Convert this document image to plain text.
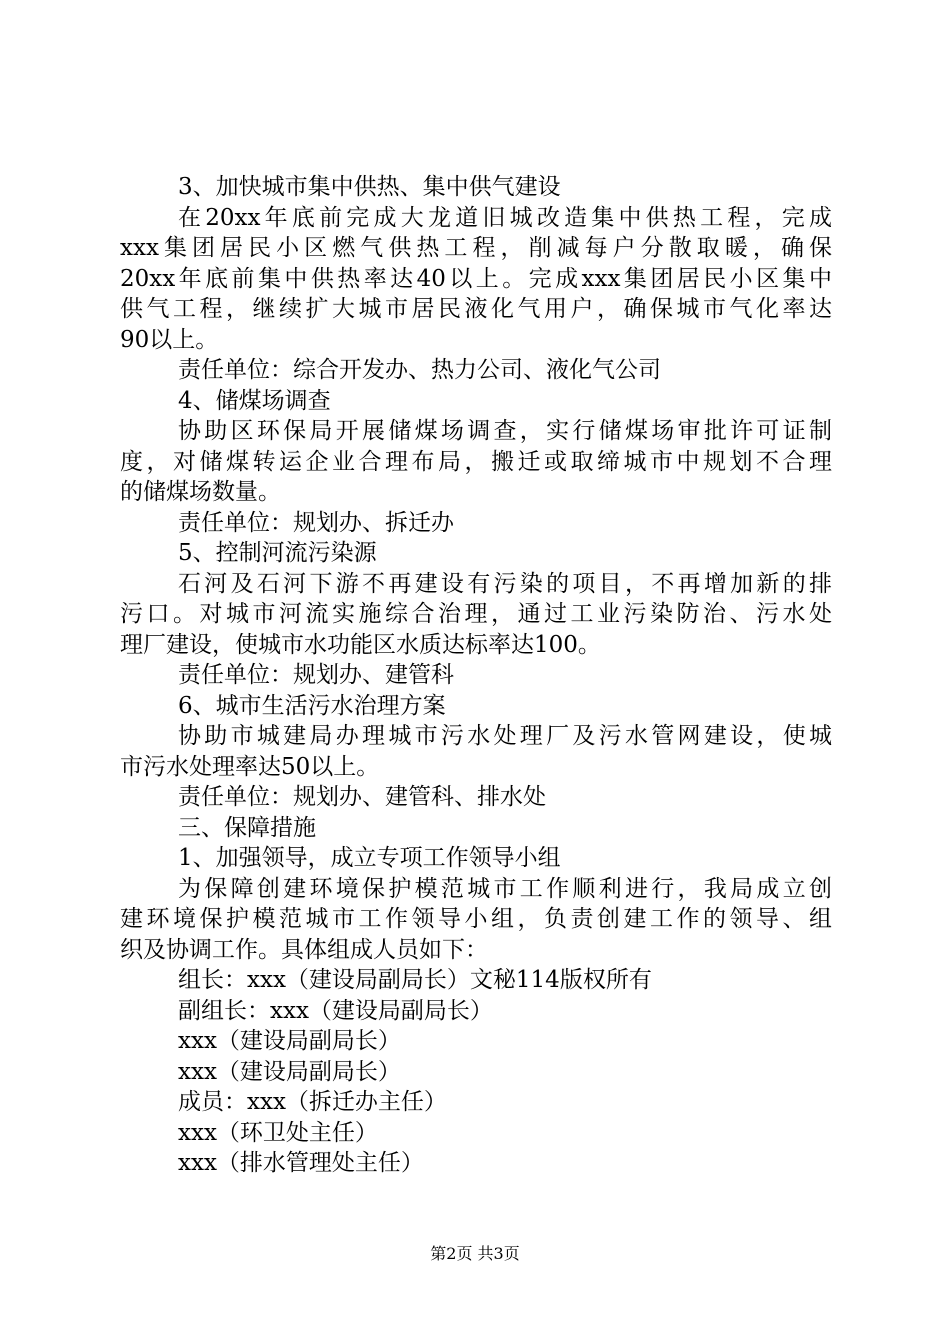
3、加快城市集中供热、集中供气建设
在20xx年底前完成大龙道旧城改造集中供热工程，完成
xxx集团居民小区燃气供热工程，削减每户分散取暖，确保
20xx年底前集中供热率达40以上。完成xxx集团居民小区集中
供气工程，继续扩大城市居民液化气用户，确保城市气化率达
90以上。
责任单位：综合开发办、热力公司、液化气公司
4、储煤场调查
协助区环保局开展储煤场调查，实行储煤场审批许可证制
度，对储煤转运企业合理布局，搬迁或取缔城市中规划不合理
的储煤场数量。
责任单位：规划办、拆迁办
5、控制河流污染源
石河及石河下游不再建设有污染的项目，不再增加新的排
污口。对城市河流实施综合治理，通过工业污染防治、污水处
理厂建设，使城市水功能区水质达标率达100。
责任单位：规划办、建管科
6、城市生活污水治理方案
协助市城建局办理城市污水处理厂及污水管网建设，使城
市污水处理率达50以上。
责任单位：规划办、建管科、排水处
三、保障措施
1、加强领导，成立专项工作领导小组
为保障创建环境保护模范城市工作顺利进行，我局成立创
建环境保护模范城市工作领导小组，负责创建工作的领导、组
织及协调工作。具体组成人员如下：
组长：xxx（建设局副局长）文秘114版权所有
副组长：xxx（建设局副局长）
xxx（建设局副局长）
xxx（建设局副局长）
成员：xxx（拆迁办主任）
xxx（环卫处主任）
xxx（排水管理处主任）
第2页 共3页
